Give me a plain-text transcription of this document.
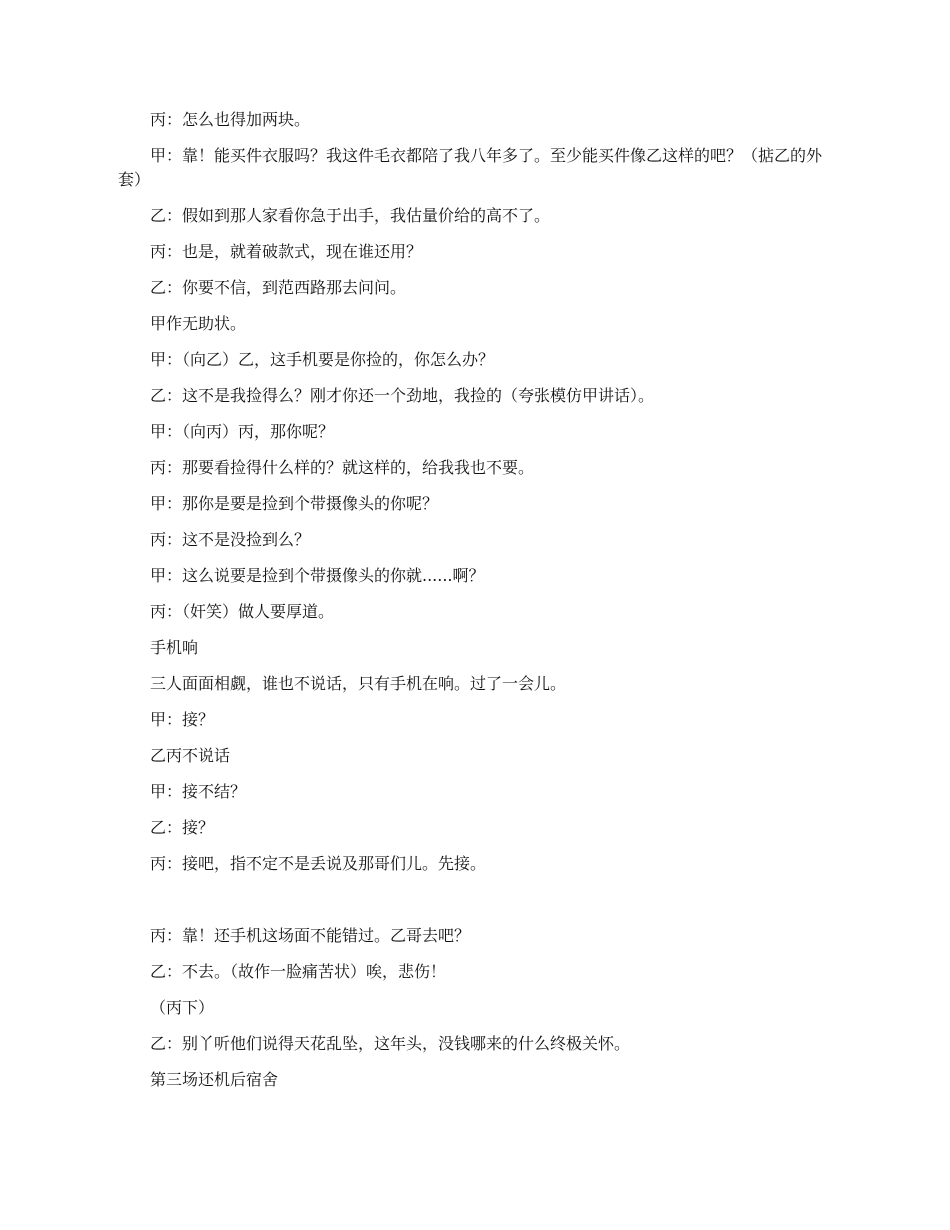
丙：怎么也得加两块。

甲：靠！能买件衣服吗？我这件毛衣都陪了我八年多了。至少能买件像乙这样的吧？（掂乙的外套）

乙：假如到那人家看你急于出手，我估量价给的高不了。

丙：也是，就着破款式，现在谁还用？

乙：你要不信，到范西路那去问问。

甲作无助状。

甲：（向乙）乙，这手机要是你捡的，你怎么办？

乙：这不是我捡得么？刚才你还一个劲地，我捡的（夸张模仿甲讲话）。

甲：（向丙）丙，那你呢？

丙：那要看捡得什么样的？就这样的，给我我也不要。

甲：那你是要是捡到个带摄像头的你呢？

丙：这不是没捡到么？

甲：这么说要是捡到个带摄像头的你就......啊？

丙：（奸笑）做人要厚道。

手机响

三人面面相觑，谁也不说话，只有手机在响。过了一会儿。

甲：接？

乙丙不说话

甲：接不结？

乙：接？

丙：接吧，指不定不是丢说及那哥们儿。先接。

丙：靠！还手机这场面不能错过。乙哥去吧？

乙：不去。（故作一脸痛苦状）唉，悲伤！

（丙下）

乙：别丫听他们说得天花乱坠，这年头，没钱哪来的什么终极关怀。

第三场还机后宿舍
